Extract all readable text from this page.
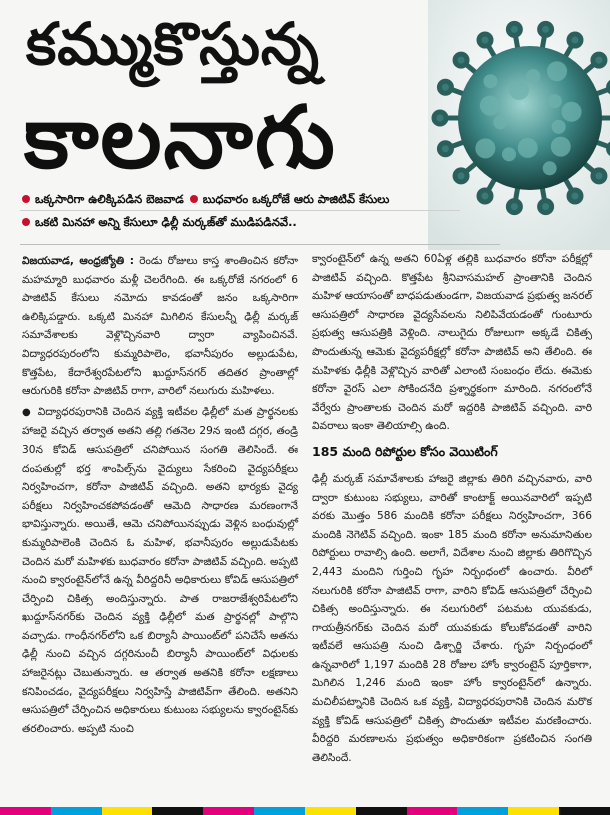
కమ్ముకొస్తున్న
కాలనాగు
ఒక్కసారిగా ఉలిక్కిపడిన బెజవాడ బుధవారం ఒక్కరోజే ఆరు పాజిటివ్ కేసులు
ఒకటి మినహా అన్ని కేసులూ ఢిల్లీ మర్కజ్‌తో ముడిపడినవే..

విజయవాడ, ఆంధ్రజ్యోతి : రెండు రోజులు కాస్త శాంతించిన కరోనా మహమ్మారి బుధవారం మళ్లీ చెలరేగింది. ఈ ఒక్కరోజే నగరంలో 6 పాజిటివ్ కేసులు నమోదు కావడంతో జనం ఒక్కసారిగా ఉలిక్కిపడ్డారు. ఒక్కటి మినహా మిగిలిన కేసులన్నీ ఢిల్లీ మర్కజ్ సమావేశాలకు వెళ్లొచ్చినవారి ద్వారా వ్యాపించినవే. విద్యాధరపురంలోని కుమ్మరిపాలెం, భవానీపురం అల్లుడుపేట, కొత్తపేట, కేదారేశ్వరపేటలోని ఖుద్దూస్‌నగర్ తదితర ప్రాంతాల్లో ఆరుగురికి కరోనా పాజిటివ్ రాగా, వారిలో నలుగురు మహిళలు.

● విద్యాధరపురానికి చెందిన వ్యక్తి ఇటీవల ఢిల్లీలో మత ప్రార్థనలకు హాజరై వచ్చిన తర్వాత అతని తల్లి గతనెల 29న ఇంటి దగ్గర, తండ్రి 30న కోవిడ్ ఆసుపత్రిలో చనిపోయిన సంగతి తెలిసిందే. ఈ దంపతుల్లో భర్త శాంపిల్స్‌ను వైద్యులు సేకరించి వైద్యపరీక్షలు నిర్వహించగా, కరోనా పాజిటివ్ వచ్చింది. అతని భార్యకు వైద్య పరీక్షలు నిర్వహించకపోవడంతో ఆమెది సాధారణ మరణంగానే భావిస్తున్నారు. అయితే, ఆమె చనిపోయినప్పుడు వెళ్లిన బంధువుల్లో కుమ్మరిపాలెంకి చెందిన ఓ మహిళ, భవానీపురం అల్లుడుపేటకు చెందిన మరో మహిళకు బుధవారం కరోనా పాజిటివ్ వచ్చింది. అప్పటి నుంచి క్వారంటైన్‌లోనే ఉన్న వీరిద్దరినీ అధికారులు కోవిడ్ ఆసుపత్రిలో చేర్పించి చికిత్స అందిస్తున్నారు. పాత రాజరాజేశ్వరిపేటలోని ఖుద్దూస్‌నగర్‌కు చెందిన వ్యక్తి ఢిల్లీలో మత ప్రార్థనల్లో పాల్గొని వచ్చాడు. గాంధీనగర్‌లోని ఒక బిర్యానీ పాయింట్‌లో పనిచేసే అతను ఢిల్లీ నుంచి వచ్చిన దగ్గరినుంచీ బిర్యానీ పాయింట్‌లో విధులకు హాజరైనట్లు చెబుతున్నారు. ఆ తర్వాత అతనికి కరోనా లక్షణాలు కనిపించడం, వైద్యపరీక్షలు నిర్వహిస్తే పాజిటివ్‌గా తేలింది. అతనిని ఆసుపత్రిలో చేర్పించిన అధికారులు కుటుంబ సభ్యులను క్వారంటైన్‌కు తరలించారు. అప్పటి నుంచి

క్వారంటైన్‌లో ఉన్న అతని 60ఏళ్ల తల్లికి బుధవారం కరోనా పరీక్షల్లో పాజిటివ్ వచ్చింది. కొత్తపేట శ్రీనివాసమహల్ ప్రాంతానికి చెందిన మహిళ ఆయాసంతో బాధపడుతుండగా, విజయవాడ ప్రభుత్వ జనరల్ ఆసుపత్రిలో సాధారణ వైద్యసేవలను నిలిపివేయడంతో గుంటూరు ప్రభుత్వ ఆసుపత్రికి వెళ్లింది. నాలుగైదు రోజులుగా అక్కడే చికిత్స పొందుతున్న ఆమెకు వైద్యపరీక్షల్లో కరోనా పాజిటివ్ అని తేలింది. ఈ మహిళకు ఢిల్లీకి వెళ్లొచ్చిన వారితో ఎలాంటి సంబంధం లేదు. ఈమెకు కరోనా వైరస్ ఎలా సోకిందనేది ప్రశ్నార్థకంగా మారింది. నగరంలోనే వేర్వేరు ప్రాంతాలకు చెందిన మరో ఇద్దరికి పాజిటివ్ వచ్చింది. వారి వివరాలు ఇంకా తెలియాల్సి ఉంది.

185 మంది రిపోర్టుల కోసం వెయిటింగ్

ఢిల్లీ మర్కజ్ సమావేశాలకు హాజరై జిల్లాకు తిరిగి వచ్చినవారు, వారి ద్వారా కుటుంబ సభ్యులు, వారితో కాంటాక్ట్ అయినవారిలో ఇప్పటి వరకు మొత్తం 586 మందికి కరోనా పరీక్షలు నిర్వహించగా, 366 మందికి నెగెటివ్ వచ్చింది. ఇంకా 185 మంది కరోనా అనుమానితుల రిపోర్టులు రావాల్సి ఉంది. అలాగే, విదేశాల నుంచి జిల్లాకు తిరిగొచ్చిన 2,443 మందిని గుర్తించి గృహ నిర్బంధంలో ఉంచారు. వీరిలో నలుగురికి కరోనా పాజిటివ్ రాగా, వారిని కోవిడ్ ఆసుపత్రిలో చేర్పించి చికిత్స అందిస్తున్నారు. ఈ నలుగురిలో పటమట యువకుడు, గాయత్రీనగర్‌కు చెందిన మరో యువకుడు కోలుకోవడంతో వారిని ఇటీవలే ఆసుపత్రి నుంచి డిశ్చార్జి చేశారు. గృహ నిర్బంధంలో ఉన్నవారిలో 1,197 మందికి 28 రోజుల హోం క్వారంటైన్ పూర్తికాగా, మిగిలిన 1,246 మంది ఇంకా హోం క్వారంటైన్‌లో ఉన్నారు. మచిలీపట్నానికి చెందిన ఒక వ్యక్తి, విద్యాధరపురానికి చెందిన మరొక వ్యక్తి కోవిడ్ ఆసుపత్రిలో చికిత్స పొందుతూ ఇటీవల మరణించారు. వీరిద్దరి మరణాలను ప్రభుత్వం అధికారికంగా ప్రకటించిన సంగతి తెలిసిందే.
